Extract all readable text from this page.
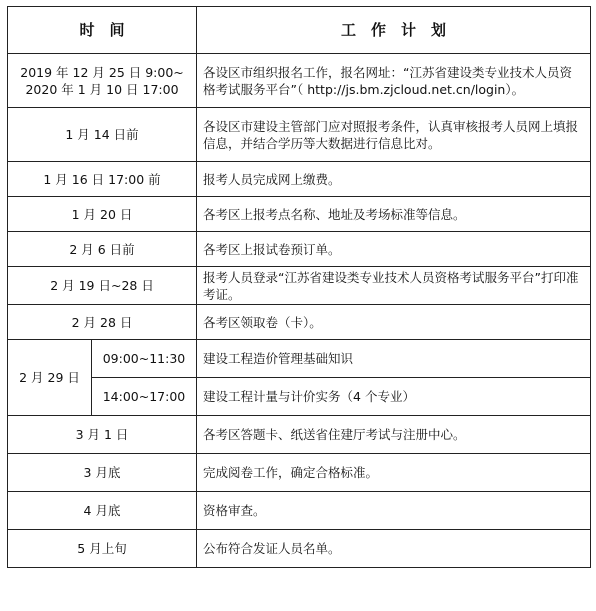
时　间		工　作　计　划
2019 年 12 月 25 日 9:00~
2020 年 1 月 10 日 17:00		各设区市组织报名工作，报名网址：“江苏省建设类专业技术人员资格考试服务平台”（ http://js.bm.zjcloud.net.cn/login）。
1 月 14 日前		各设区市建设主管部门应对照报考条件，认真审核报考人员网上填报信息，并结合学历等大数据进行信息比对。
1 月 16 日 17:00 前		报考人员完成网上缴费。
1 月 20 日		各考区上报考点名称、地址及考场标准等信息。
2 月 6 日前		各考区上报试卷预订单。
2 月 19 日~28 日		报考人员登录“江苏省建设类专业技术人员资格考试服务平台”打印准考证。
2 月 28 日		各考区领取卷（卡）。
2 月 29 日	09:00~11:30	建设工程造价管理基础知识
	14:00~17:00	建设工程计量与计价实务（4 个专业）
3 月 1 日		各考区答题卡、纸送省住建厅考试与注册中心。
3 月底		完成阅卷工作，确定合格标准。
4 月底		资格审查。
5 月上旬		公布符合发证人员名单。
